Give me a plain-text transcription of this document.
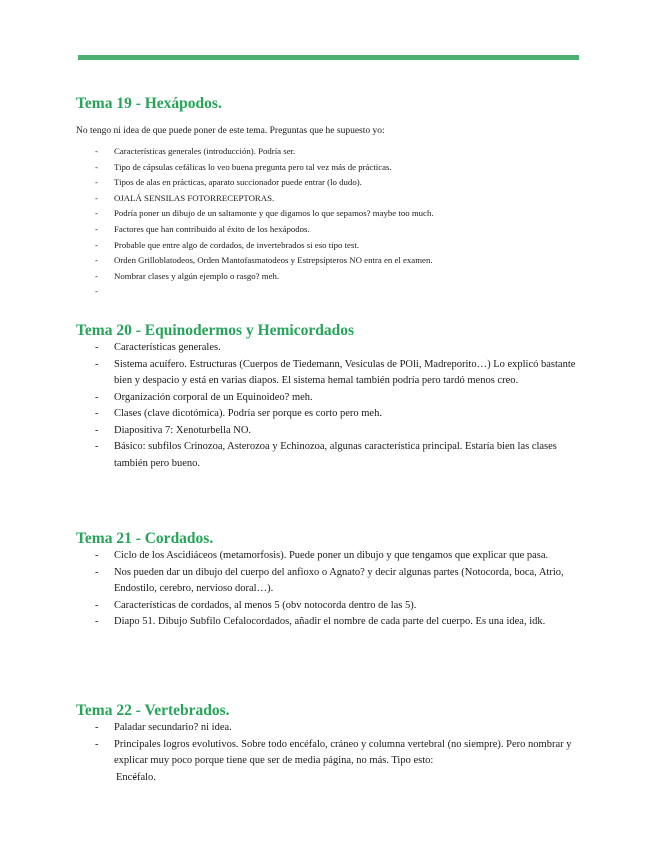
Tema 19 - Hexápodos.

No tengo ni idea de que puede poner de este tema. Preguntas que he supuesto yo:

- Características generales (introducción). Podría ser.
- Tipo de cápsulas cefálicas lo veo buena pregunta pero tal vez más de prácticas.
- Tipos de alas en prácticas, aparato succionador puede entrar (lo dudo).
- OJALÁ SENSILAS FOTORRECEPTORAS.
- Podría poner un dibujo de un saltamonte y que digamos lo que sepamos? maybe too much.
- Factores que han contribuido al éxito de los hexápodos.
- Probable que entre algo de cordados, de invertebrados si eso tipo test.
- Orden Grilloblatodeos, Orden Mantofasmatodeos y Estrepsípteros NO entra en el examen.
- Nombrar clases y algún ejemplo o rasgo? meh.
-
Tema 20 - Equinodermos y Hemicordados
- Características generales.
- Sistema acuífero. Estructuras (Cuerpos de Tiedemann, Vesículas de POli, Madreporito…) Lo explicó bastante bien y despacio y está en varias diapos. El sistema hemal también podría pero tardó menos creo.
- Organización corporal de un Equinoideo? meh.
- Clases (clave dicotómica). Podría ser porque es corto pero meh.
- Diapositiva 7: Xenoturbella NO.
- Básico: subfilos Crinozoa, Asterozoa y Echinozoa, algunas característica principal. Estaría bien las clases también pero bueno.
Tema 21 - Cordados.
- Ciclo de los Ascidiáceos (metamorfosis). Puede poner un dibujo y que tengamos que explicar que pasa.
- Nos pueden dar un dibujo del cuerpo del anfioxo o Agnato? y decir algunas partes (Notocorda, boca, Atrio, Endostilo, cerebro, nervioso doral…).
- Características de cordados, al menos 5 (obv notocorda dentro de las 5).
- Diapo 51. Dibujo Subfilo Cefalocordados, añadir el nombre de cada parte del cuerpo. Es una idea, idk.
Tema 22 - Vertebrados.
- Paladar secundario? ni idea.
- Principales logros evolutivos. Sobre todo encéfalo, cráneo y columna vertebral (no siempre). Pero nombrar y explicar muy poco porque tiene que ser de media página, no más. Tipo esto:
- Encéfalo.
